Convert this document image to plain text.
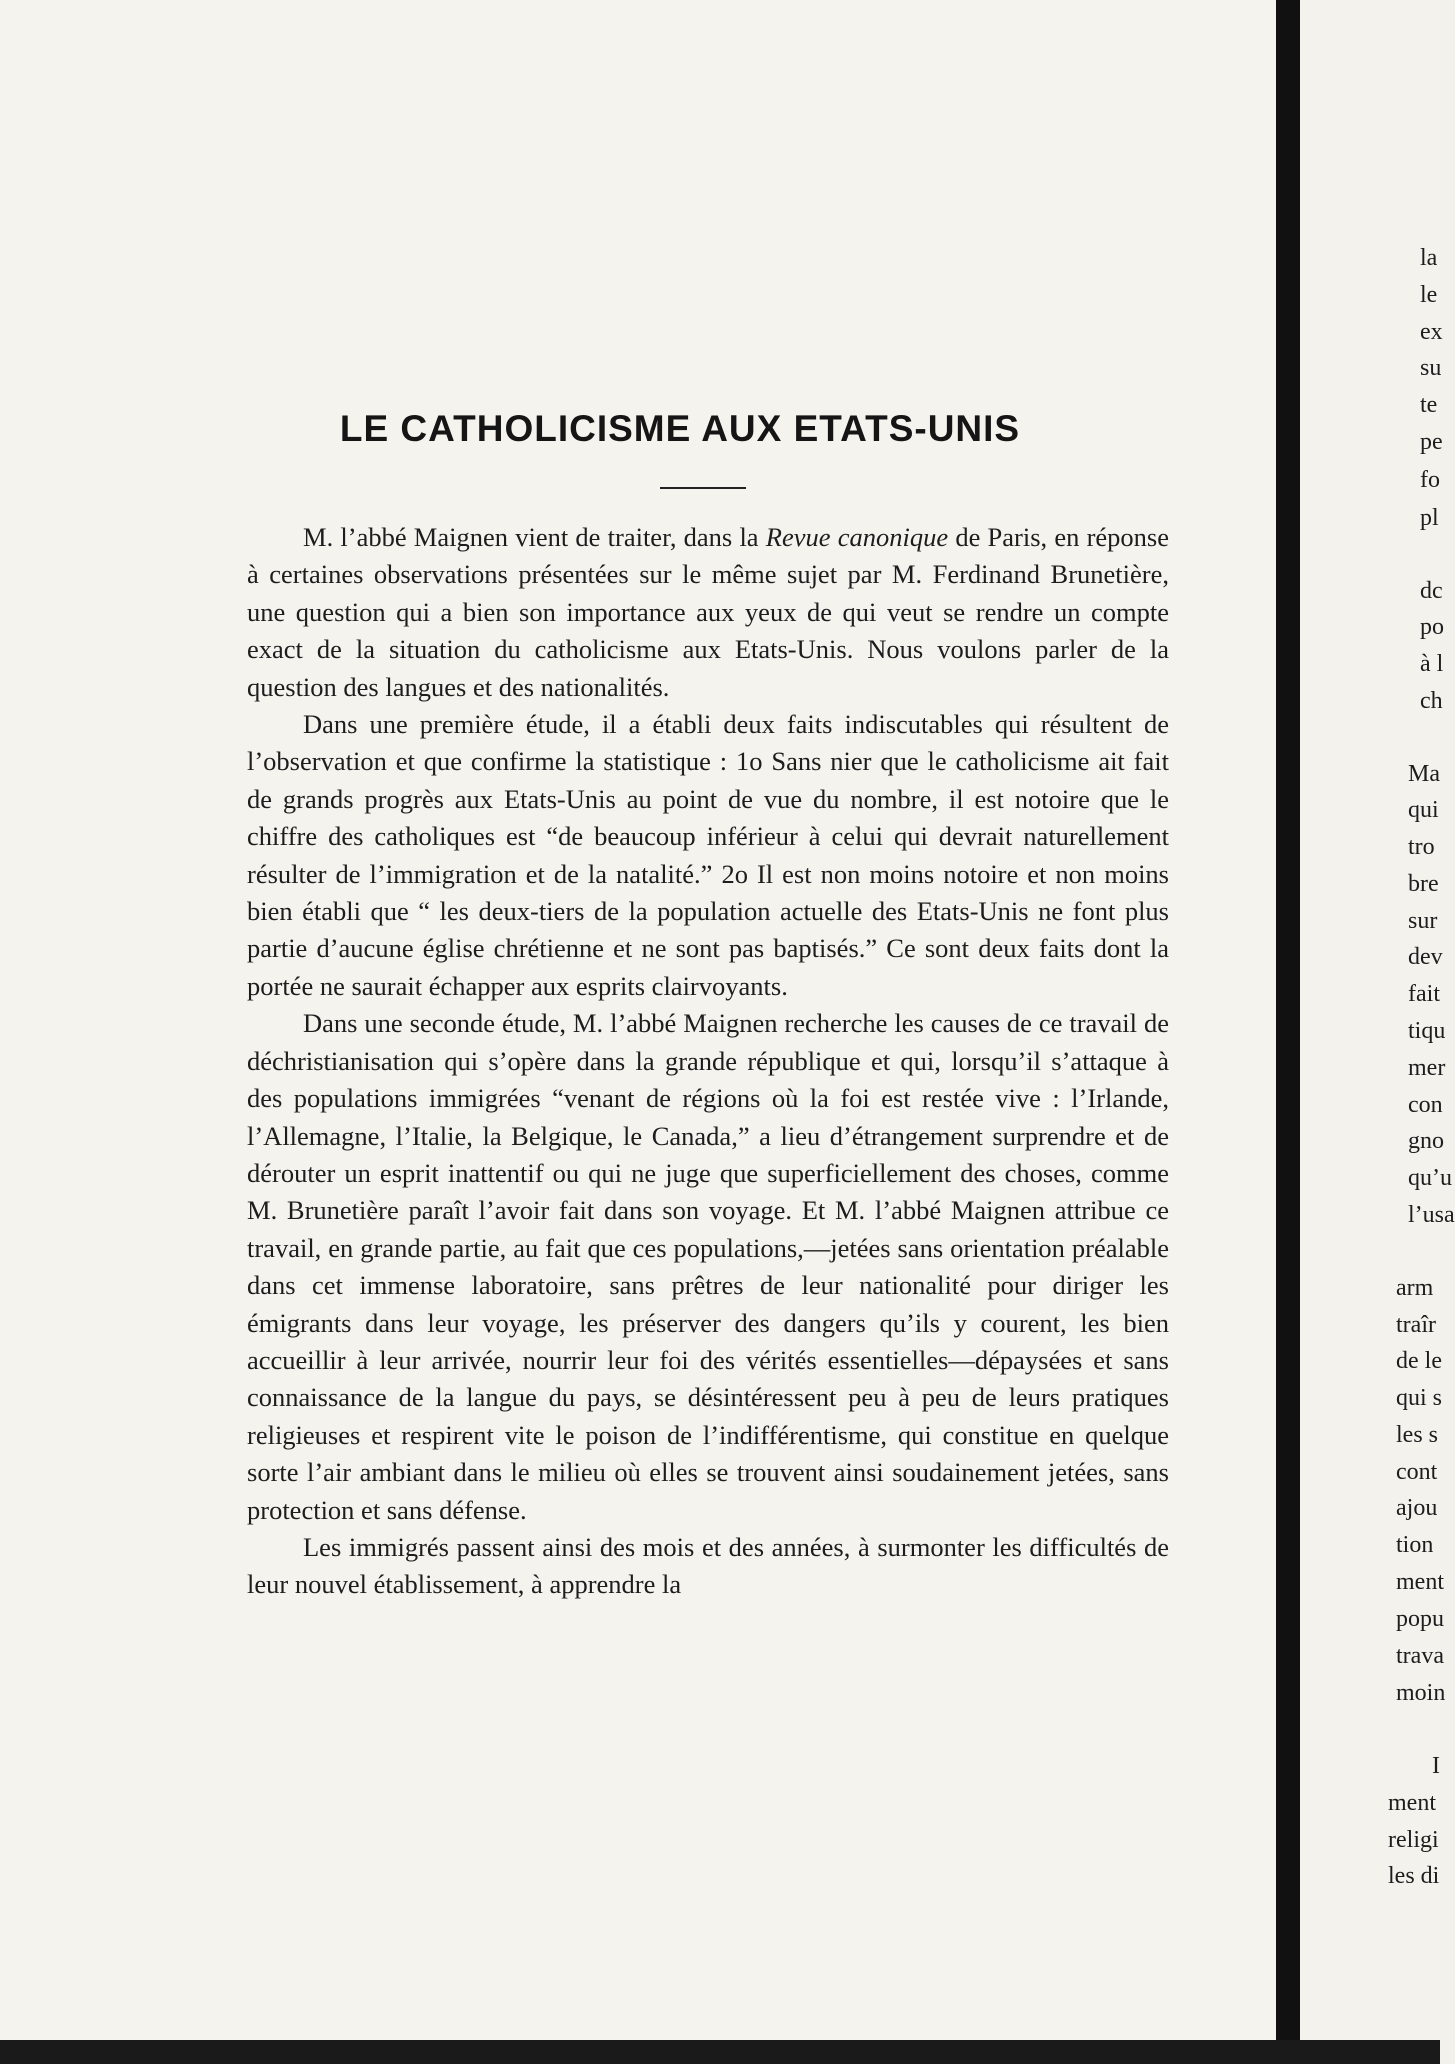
LE CATHOLICISME AUX ETATS-UNIS

M. l’abbé Maignen vient de traiter, dans la Revue canonique de Paris, en réponse à certaines observations présentées sur le même sujet par M. Ferdinand Brunetière, une question qui a bien son importance aux yeux de qui veut se rendre un compte exact de la situation du catholicisme aux Etats-Unis. Nous voulons parler de la question des langues et des nationalités.

Dans une première étude, il a établi deux faits indiscutables qui résultent de l’observation et que confirme la statistique : 1o Sans nier que le catholicisme ait fait de grands progrès aux Etats-Unis au point de vue du nombre, il est notoire que le chiffre des catholiques est “de beaucoup inférieur à celui qui devrait naturellement résulter de l’immigration et de la natalité.” 2o Il est non moins notoire et non moins bien établi que “ les deux-tiers de la population actuelle des Etats-Unis ne font plus partie d’aucune église chrétienne et ne sont pas baptisés.” Ce sont deux faits dont la portée ne saurait échapper aux esprits clairvoyants.

Dans une seconde étude, M. l’abbé Maignen recherche les causes de ce travail de déchristianisation qui s’opère dans la grande république et qui, lorsqu’il s’attaque à des populations immigrées “venant de régions où la foi est restée vive : l’Irlande, l’Allemagne, l’Italie, la Belgique, le Canada,” a lieu d’étrangement surprendre et de dérouter un esprit inattentif ou qui ne juge que superficiellement des choses, comme M. Brunetière paraît l’avoir fait dans son voyage. Et M. l’abbé Maignen attribue ce travail, en grande partie, au fait que ces populations,—jetées sans orientation préalable dans cet immense laboratoire, sans prêtres de leur nationalité pour diriger les émigrants dans leur voyage, les préserver des dangers qu’ils y courent, les bien accueillir à leur arrivée, nourrir leur foi des vérités essentielles—dépaysées et sans connaissance de la langue du pays, se désintéressent peu à peu de leurs pratiques religieuses et respirent vite le poison de l’indifférentisme, qui constitue en quelque sorte l’air ambiant dans le milieu où elles se trouvent ainsi soudainement jetées, sans protection et sans défense.

Les immigrés passent ainsi des mois et des années, à surmonter les difficultés de leur nouvel établissement, à apprendre la

la
le
ex
su
te
pe
fo
pl
dc
po
à l
ch
Ma
qui
tro
bre
sur
dev
fait
tiqu
mer
con
gno
qu’u
l’usa
arm
traîr
de le
qui s
les s
cont
ajou
tion
ment
popu
trava
moin
I
ment
religi
les di
